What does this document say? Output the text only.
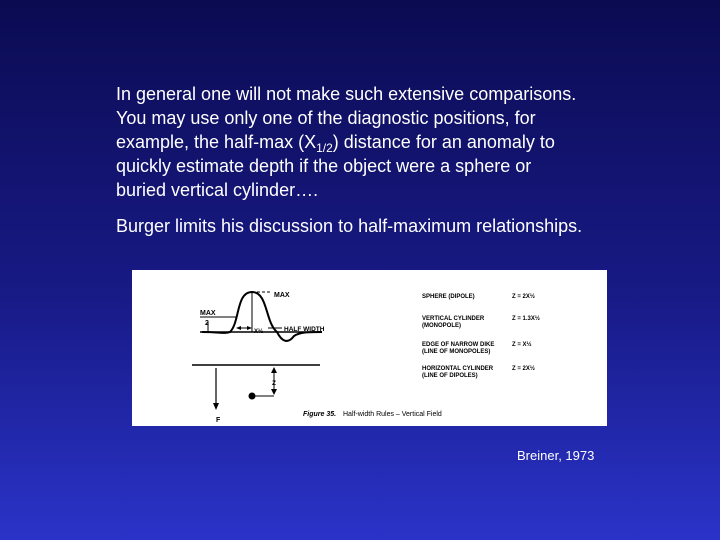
In general one will not make such extensive comparisons.
You may use only one of the diagnostic positions, for
example, the half-max $(X_{1/2})$ distance for an anomaly to
quickly estimate depth if the object were a sphere or
buried vertical cylinder….

Burger limits his discussion to half-maximum relationships.

MAX
MAX
2
X½	HALF WIDTH
F
Z
Figure 35. Half-width Rules – Vertical Field
SPHERE (DIPOLE)	Z = 2X½
VERTICAL CYLINDER
(MONOPOLE)
Z = 1.3X½
EDGE OF NARROW DIKE
(LINE OF MONOPOLES)
Z = X½
HORIZONTAL CYLINDER
(LINE OF DIPOLES)
Z = 2X½
Breiner, 1973
